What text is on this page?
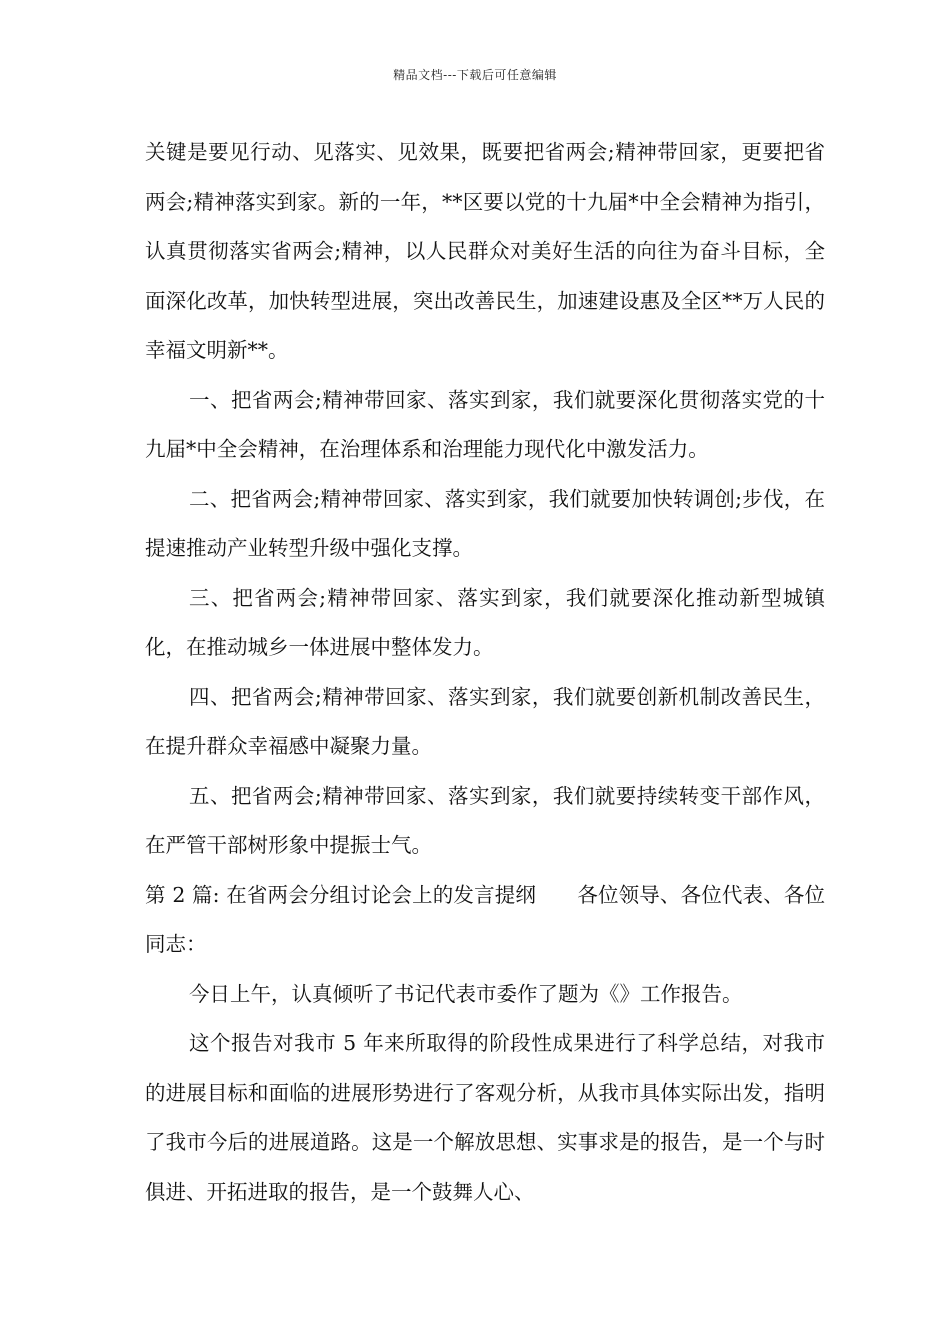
精品文档---下载后可任意编辑

关键是要见行动、见落实、见效果，既要把省两会;精神带回家，更要把省两会;精神落实到家。新的一年，**区要以党的十九届*中全会精神为指引，认真贯彻落实省两会;精神，以人民群众对美好生活的向往为奋斗目标，全面深化改革，加快转型进展，突出改善民生，加速建设惠及全区**万人民的幸福文明新**。

一、把省两会;精神带回家、落实到家，我们就要深化贯彻落实党的十九届*中全会精神，在治理体系和治理能力现代化中激发活力。

二、把省两会;精神带回家、落实到家，我们就要加快转调创;步伐，在提速推动产业转型升级中强化支撑。

三、把省两会;精神带回家、落实到家，我们就要深化推动新型城镇化，在推动城乡一体进展中整体发力。

四、把省两会;精神带回家、落实到家，我们就要创新机制改善民生，在提升群众幸福感中凝聚力量。

五、把省两会;精神带回家、落实到家，我们就要持续转变干部作风，在严管干部树形象中提振士气。

第 2 篇: 在省两会分组讨论会上的发言提纲　　各位领导、各位代表、各位同志：

今日上午，认真倾听了书记代表市委作了题为《》工作报告。

这个报告对我市 5 年来所取得的阶段性成果进行了科学总结，对我市的进展目标和面临的进展形势进行了客观分析，从我市具体实际出发，指明了我市今后的进展道路。这是一个解放思想、实事求是的报告，是一个与时俱进、开拓进取的报告，是一个鼓舞人心、
